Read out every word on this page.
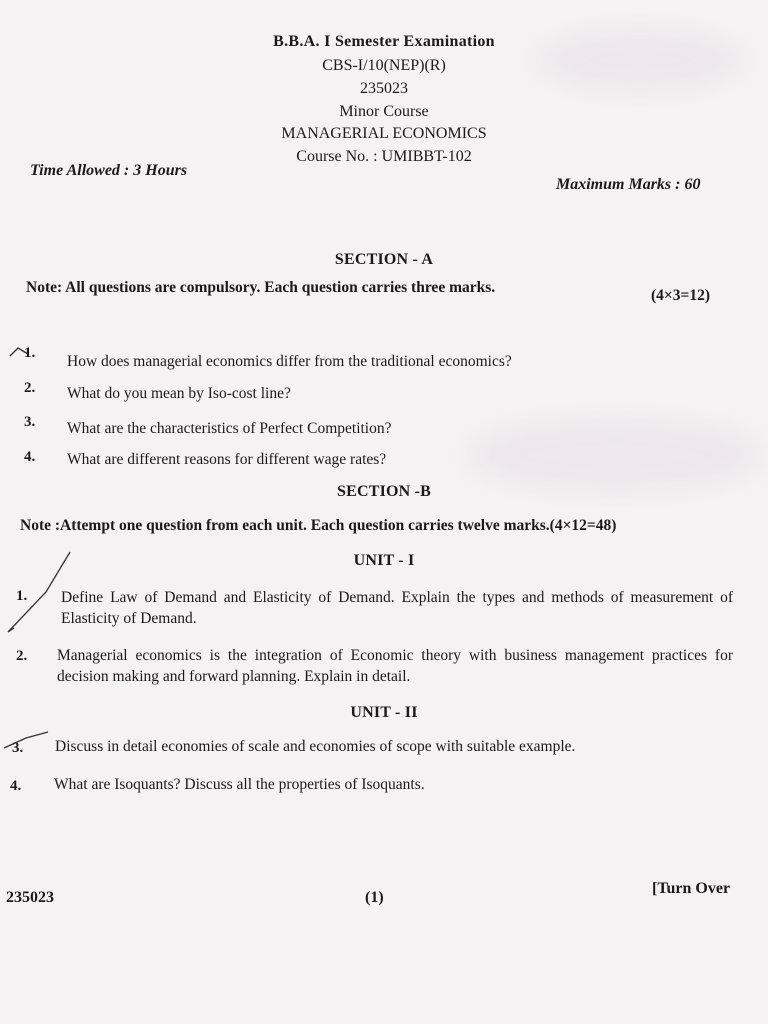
B.B.A. I Semester Examination
CBS-I/10(NEP)(R)
235023
Minor Course
MANAGERIAL ECONOMICS
Course No. : UMIBBT-102
Time Allowed : 3 Hours
Maximum Marks : 60
SECTION - A
Note: All questions are compulsory. Each question carries three marks.	(4×3=12)
1. How does managerial economics differ from the traditional economics?
2. What do you mean by Iso-cost line?
3. What are the characteristics of Perfect Competition?
4. What are different reasons for different wage rates?
SECTION -B
Note :Attempt one question from each unit. Each question carries twelve marks.(4×12=48)
UNIT - I
1. Define Law of Demand and Elasticity of Demand. Explain the types and methods of measurement of Elasticity of Demand.
2. Managerial economics is the integration of Economic theory with business management practices for decision making and forward planning. Explain in detail.
UNIT - II
3. Discuss in detail economies of scale and economies of scope with suitable example.
4. What are Isoquants? Discuss all the properties of Isoquants.
235023	(1)
[Turn Over
